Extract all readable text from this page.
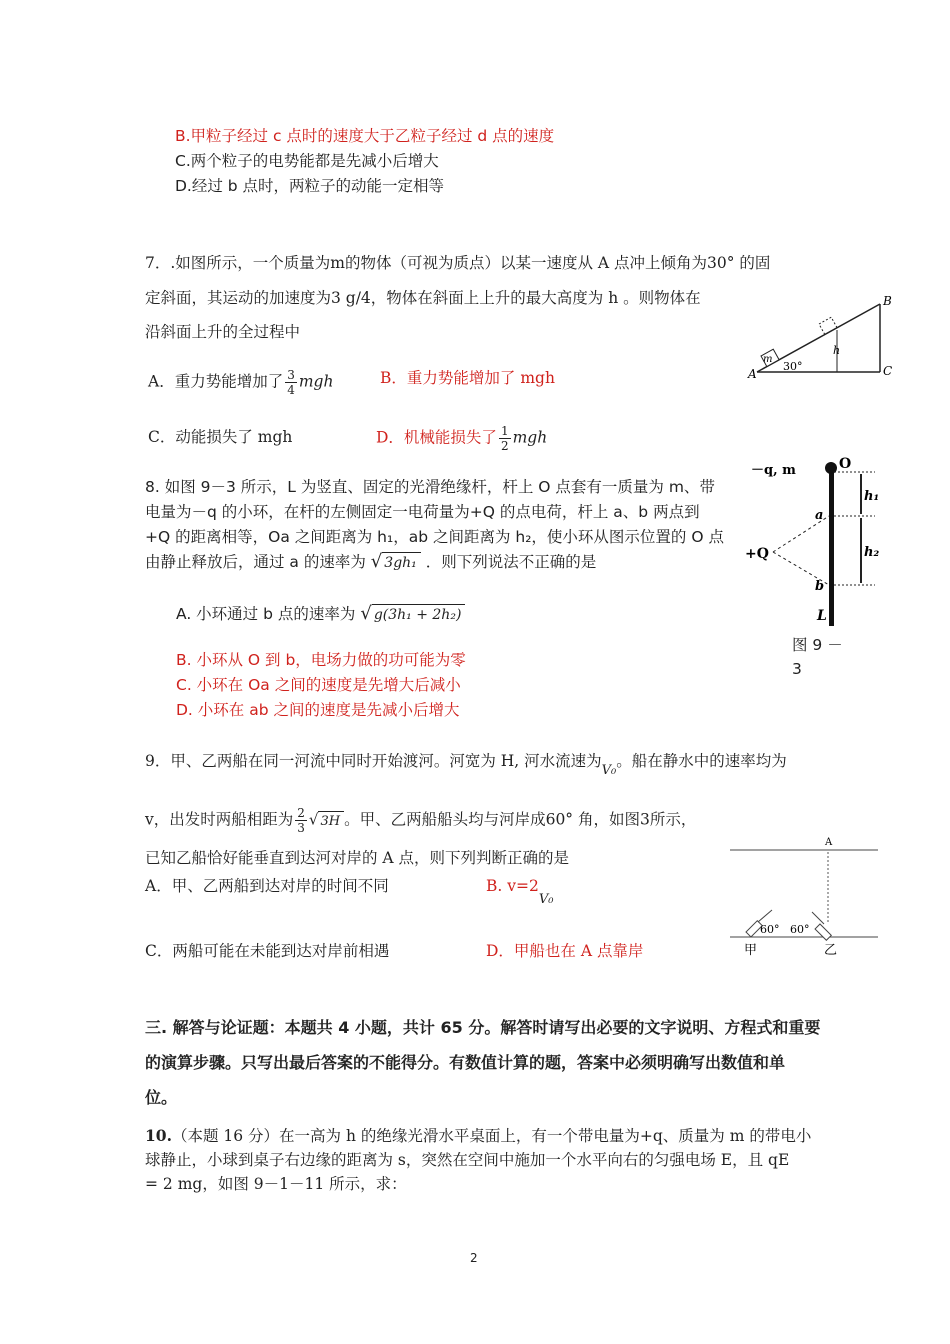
B.甲粒子经过 c 点时的速度大于乙粒子经过 d 点的速度
C.两个粒子的电势能都是先减小后增大
D.经过 b 点时，两粒子的动能一定相等
7．.如图所示，一个质量为m的物体（可视为质点）以某一速度从 A 点冲上倾角为30° 的固
定斜面，其运动的加速度为3 g/4，物体在斜面上上升的最大高度为 h 。则物体在
沿斜面上升的全过程中
A．重力势能增加了 $\frac{3}{4}$ mgh	B．重力势能增加了 mgh
C．动能损失了 mgh	D．机械能损失了 $\frac{1}{2}$ mgh
m
h
30°
A
B
C
8. 如图 9－3 所示，L 为竖直、固定的光滑绝缘杆，杆上 O 点套有一质量为 m、带
电量为－q 的小环，在杆的左侧固定一电荷量为+Q 的点电荷，杆上 a、b 两点到
+Q 的距离相等，Oa 之间距离为 h₁，ab 之间距离为 h₂，使小环从图示位置的 O 点
由静止释放后，通过 a 的速率为 √ 3gh₁ ．则下列说法不正确的是
A. 小环通过 b 点的速率为 √ g(3h₁ + 2h₂)
B. 小环从 O 到 b，电场力做的功可能为零
C. 小环在 Oa 之间的速度是先增大后减小
D. 小环在 ab 之间的速度是先减小后增大
－q, m	O
a
b
+Q
L
h₁
h₂
图 9 －
3
9．甲、乙两船在同一河流中同时开始渡河。河宽为 H, 河水流速为$_{V_0}$。船在静水中的速率均为
v，出发时两船相距为 $\frac{2}{3}$ √ 3H 。甲、乙两船船头均与河岸成60° 角，如图3所示，
已知乙船恰好能垂直到达河对岸的 A 点，则下列判断正确的是
A．甲、乙两船到达对岸的时间不同	B. $v=2_{V_0}$
C．两船可能在未能到达对岸前相遇	D．甲船也在 A 点靠岸
A
60° 60°
甲	乙
三. 解答与论证题：本题共 4 小题，共计 65 分。解答时请写出必要的文字说明、方程式和重要
的演算步骤。只写出最后答案的不能得分。有数值计算的题，答案中必须明确写出数值和单
位。
10.（本题 16 分）在一高为 h 的绝缘光滑水平桌面上，有一个带电量为+q、质量为 m 的带电小
球静止，小球到桌子右边缘的距离为 s，突然在空间中施加一个水平向右的匀强电场 E，且 qE
= 2 mg，如图 9－1－11 所示，求：
2
